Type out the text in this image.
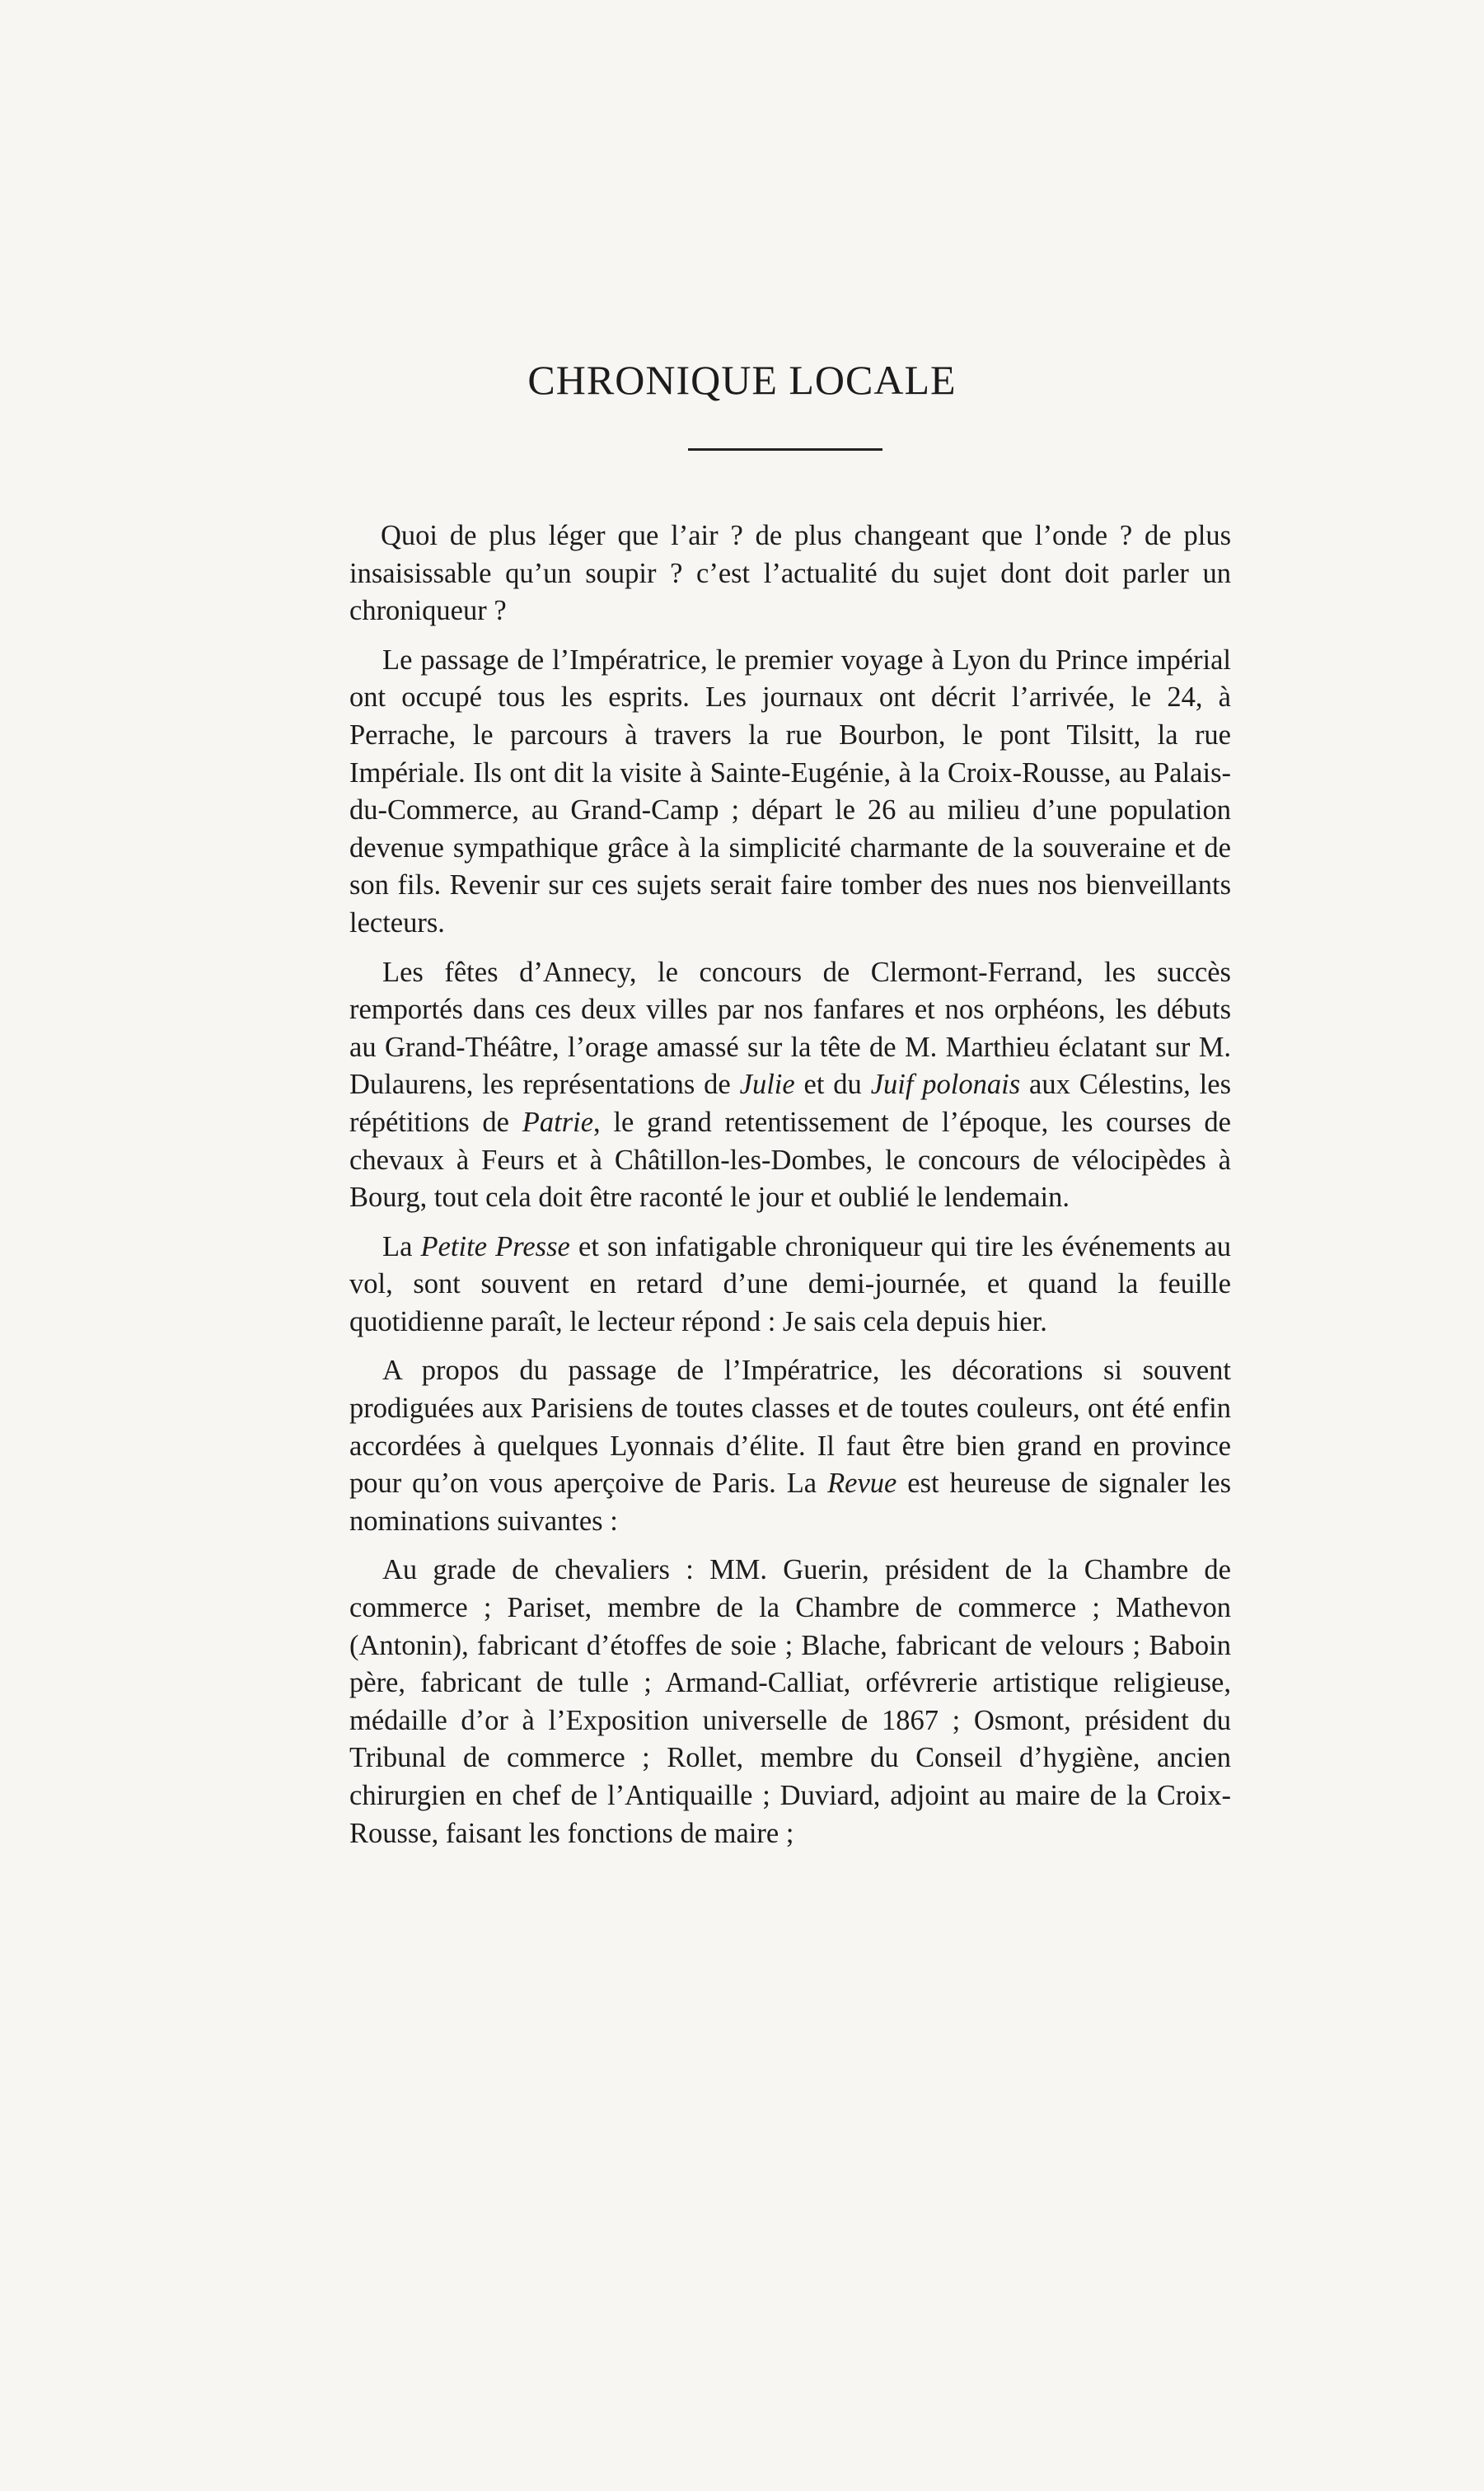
CHRONIQUE LOCALE

Quoi de plus léger que l’air ? de plus changeant que l’onde ? de plus insaisissable qu’un soupir ? c’est l’actualité du sujet dont doit parler un chroniqueur ?

Le passage de l’Impératrice, le premier voyage à Lyon du Prince impérial ont occupé tous les esprits. Les journaux ont décrit l’arrivée, le 24, à Perrache, le parcours à travers la rue Bourbon, le pont Tilsitt, la rue Impériale. Ils ont dit la visite à Sainte-Eugénie, à la Croix-Rousse, au Palais-du-Commerce, au Grand-Camp ; départ le 26 au milieu d’une population devenue sympathique grâce à la simplicité charmante de la souveraine et de son fils. Revenir sur ces sujets serait faire tomber des nues nos bienveillants lecteurs.

Les fêtes d’Annecy, le concours de Clermont-Ferrand, les succès remportés dans ces deux villes par nos fanfares et nos orphéons, les débuts au Grand-Théâtre, l’orage amassé sur la tête de M. Marthieu éclatant sur M. Dulaurens, les représentations de Julie et du Juif polonais aux Célestins, les répétitions de Patrie, le grand retentissement de l’époque, les courses de chevaux à Feurs et à Châtillon-les-Dombes, le concours de vélocipèdes à Bourg, tout cela doit être raconté le jour et oublié le lendemain.

La Petite Presse et son infatigable chroniqueur qui tire les événements au vol, sont souvent en retard d’une demi-journée, et quand la feuille quotidienne paraît, le lecteur répond : Je sais cela depuis hier.

A propos du passage de l’Impératrice, les décorations si souvent prodiguées aux Parisiens de toutes classes et de toutes couleurs, ont été enfin accordées à quelques Lyonnais d’élite. Il faut être bien grand en province pour qu’on vous aperçoive de Paris. La Revue est heureuse de signaler les nominations suivantes :

Au grade de chevaliers : MM. Guerin, président de la Chambre de commerce ; Pariset, membre de la Chambre de commerce ; Mathevon (Antonin), fabricant d’étoffes de soie ; Blache, fabricant de velours ; Baboin père, fabricant de tulle ; Armand-Calliat, orfévrerie artistique religieuse, médaille d’or à l’Exposition universelle de 1867 ; Osmont, président du Tribunal de commerce ; Rollet, membre du Conseil d’hygiène, ancien chirurgien en chef de l’Antiquaille ; Duviard, adjoint au maire de la Croix-Rousse, faisant les fonctions de maire ;
